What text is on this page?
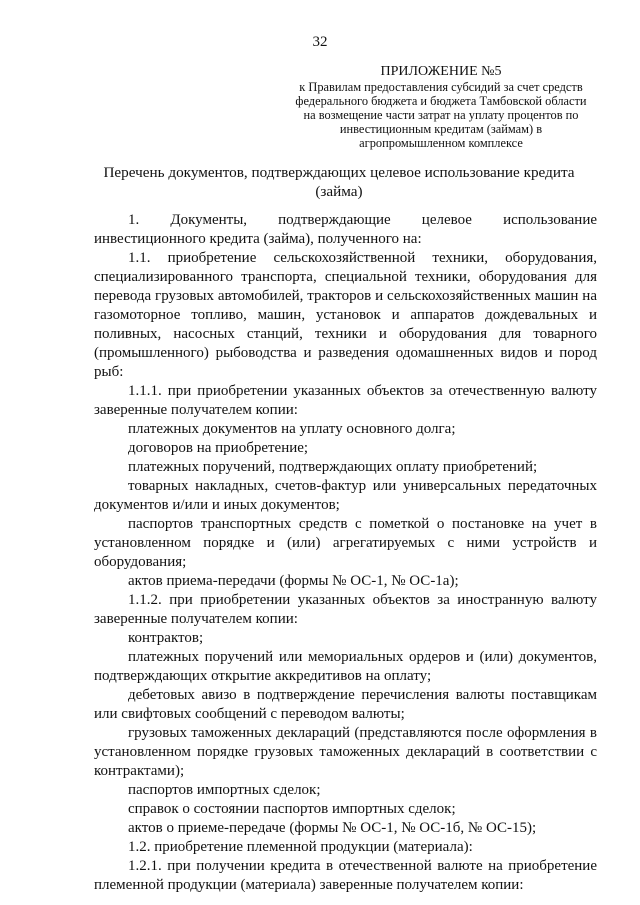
32
ПРИЛОЖЕНИЕ №5
к Правилам предоставления субсидий за счет средств
федерального бюджета и бюджета Тамбовской области
на возмещение части затрат на уплату процентов по
инвестиционным кредитам (займам) в
агропромышленном комплексе
Перечень документов, подтверждающих целевое использование кредита (займа)

1. Документы, подтверждающие целевое использование инвестиционного кредита (займа), полученного на:

1.1. приобретение сельскохозяйственной техники, оборудования, специализированного транспорта, специальной техники, оборудования для перевода грузовых автомобилей, тракторов и сельскохозяйственных машин на газомоторное топливо, машин, установок и аппаратов дождевальных и поливных, насосных станций, техники и оборудования для товарного (промышленного) рыбоводства и разведения одомашненных видов и пород рыб:

1.1.1. при приобретении указанных объектов за отечественную валюту заверенные получателем копии:

платежных документов на уплату основного долга;

договоров на приобретение;

платежных поручений, подтверждающих оплату приобретений;

товарных накладных, счетов-фактур или универсальных передаточных документов и/или и иных документов;

паспортов транспортных средств с пометкой о постановке на учет в установленном порядке и (или) агрегатируемых с ними устройств и оборудования;

актов приема-передачи (формы № ОС-1, № ОС-1а);

1.1.2. при приобретении указанных объектов за иностранную валюту заверенные получателем копии:

контрактов;

платежных поручений или мемориальных ордеров и (или) документов, подтверждающих открытие аккредитивов на оплату;

дебетовых авизо в подтверждение перечисления валюты поставщикам или свифтовых сообщений с переводом валюты;

грузовых таможенных деклараций (представляются после оформления в установленном порядке грузовых таможенных деклараций в соответствии с контрактами);

паспортов импортных сделок;

справок о состоянии паспортов импортных сделок;

актов о приеме-передаче (формы № ОС-1, № ОС-1б, № ОС-15);

1.2. приобретение племенной продукции (материала):

1.2.1. при получении кредита в отечественной валюте на приобретение племенной продукции (материала) заверенные получателем копии:
